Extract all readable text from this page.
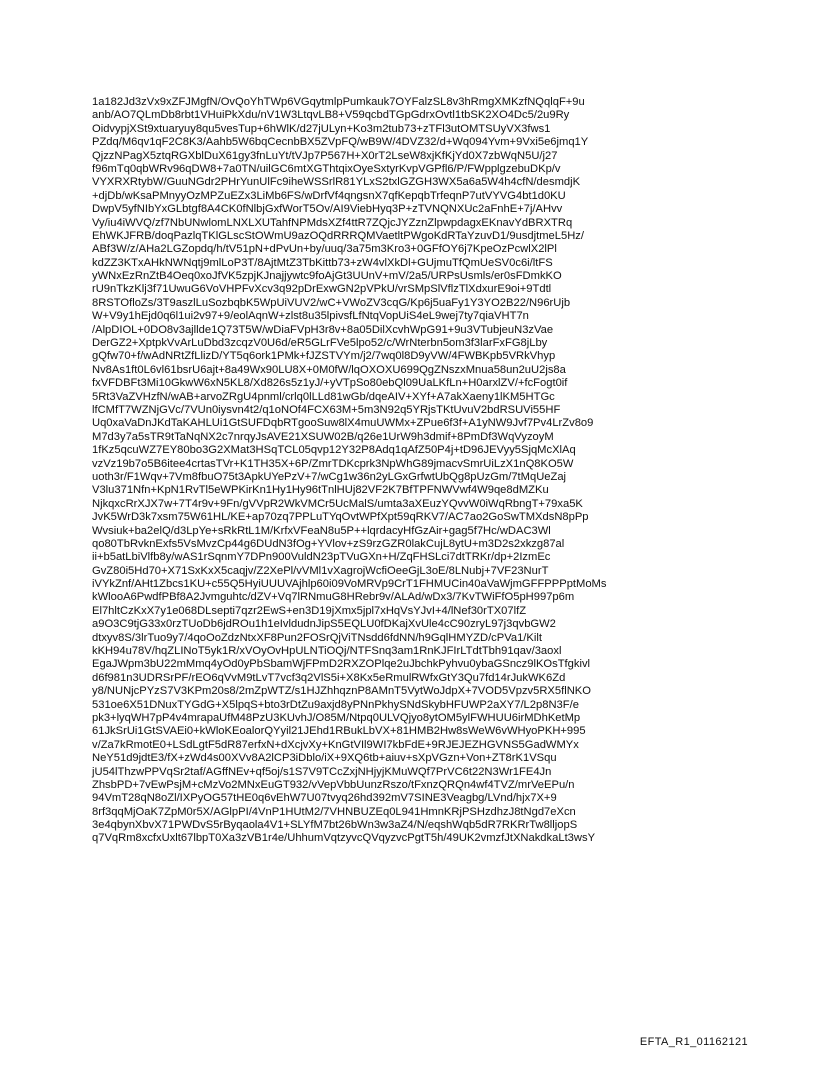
1a182Jd3zVx9xZFJMgfN/OvQoYhTWp6VGqytmlpPumkauk7OYFalzSL8v3hRmgXMKzfNQqlqF+9u
anb/AO7QLmDb8rbt1VHuiPkXdu/nV1W3LtqvLB8+V59qcbdTGpGdrxOvtl1tbSK2XO4Dc5/2u9Ry
OidvypjXSt9xtuaryuy8qu5vesTup+6hWlK/d27jULyn+Ko3m2tub73+zTFl3utOMTSUyVX3fws1
PZdq/M6qv1qF2C8K3/Aahb5W6bqCecnbBX5ZVpFQ/wB9W/4DVZ32/d+Wq094Yvm+9Vxi5e6jmq1Y
QjzzNPagX5ztqRGXblDuX61gy3fnLuYt/tVJp7P567H+X0rT2LseW8xjKfKjYd0X7zbWqN5U/j27
f96mTq0qbWRv96qDW8+7a0TN/uilGC6mtXGThtqixOyeSxtyrKvpVGPfl6/P/FWpplgzebuDKp/v
VYXRXRtybW/GuuNGdr2PHrYunUlFc9iheWSSrlR81YLxS2txlGZGH3WX5a6a5W4h4cfN/desmdjK
+djDb/wKsaPMnyyOzMPZuEZx3LiMb6FS/wDrfVf4qngsnX7qfKepqbTrfeqnP7utVYVG4bt1d0KU
DwpV5yfNIbYxGLbtgf8A4CK0fNlbjGxfWorT5Ov/AI9ViebHyq3P+zTVNQNXUc2aFnhE+7j/AHvv
Vy/iu4iWVQ/zf7NbUNwlomLNXLXUTahfNPMdsXZf4ttR7ZQjcJYZznZlpwpdagxEKnavYdBRXTRq
EhWKJFRB/doqPazlqTKlGLscStOWmU9azOQdRRRQMVaetltPWgoKdRTaYzuvD1/9usdjtmeL5Hz/
ABf3W/z/AHa2LGZopdq/h/tV51pN+dPvUn+by/uuq/3a75m3Kro3+0GFfOY6j7KpeOzPcwlX2lPl
kdZZ3KTxAHkNWNqtj9mlLoP3T/8AjtMtZ3TbKittb73+zW4vlXkDl+GUjmuTfQmUeSV0c6i/ltFS
yWNxEzRnZtB4Oeq0xoJfVK5zpjKJnajjywtc9foAjGt3UUnV+mV/2a5/URPsUsmls/er0sFDmkKO
rU9nTkzKlj3f71UwuG6VoVHPFvXcv3q92pDrExwGN2pVPkU/vrSMpSlVflzTlXdxurE9oi+9Tdtl
8RSTOfloZs/3T9aszlLuSozbqbK5WpUiVUV2/wC+VWoZV3cqG/Kp6j5uaFy1Y3YO2B22/N96rUjb
W+V9y1hEjd0q6l1ui2v97+9/eolAqnW+zlst8u35lpivsfLfNtqVopUiS4eL9wej7ty7qiaVHT7n
/AlpDIOL+0DO8v3ajllde1Q73T5W/wDiaFVpH3r8v+8a05DilXcvhWpG91+9u3VTubjeuN3zVae
DerGZ2+XptpkVvArLuDbd3zcqzV0U6d/eR5GLrFVe5lpo52/c/WrNterbn5om3f3larFxFG8jLby
gQfw70+f/wAdNRtZfLlizD/YT5q6ork1PMk+fJZSTVYm/j2/7wq0l8D9yVW/4FWBKpb5VRkVhyp
Nv8As1ft0L6vl61bsrU6ajt+8a49Wx90LU8X+0M0fW/lqOXOXU699QgZNszxMnua58un2uU2js8a
fxVFDBFt3Mi10GkwW6xN5KL8/Xd826s5z1yJ/+yVTpSo80ebQl09UaLKfLn+H0arxlZV/+fcFogt0if
5Rt3VaZVHzfN/wAB+arvoZRgU4pnml/crlq0lLLd81wGb/dqeAIV+XYf+A7akXaeny1lKM5HTGc
lfCMfT7WZNjGVc/7VUn0iysvn4t2/q1oNOf4FCX63M+5m3N92q5YRjsTKtUvuV2bdRSUVi55HF
Uq0xaVaDnJKdTaKAHLUi1GtSUFDqbRTgooSuw8lX4muUWMx+ZPue6f3f+A1yNW9Jvf7Pv4LrZv8o9
M7d3y7a5sTR9tTaNqNX2c7nrqyJsAVE21XSUW02B/q26e1UrW9h3dmif+8PmDf3WqVyzoyM
1fKz5qcuWZ7EY80bo3G2XMat3HSqTCL05qvp12Y32P8Adq1qAfZ50P4j+tD96JEVyy5SjqMcXlAq
vzVz19b7o5B6itee4crtasTVr+K1TH35X+6P/ZmrTDKcprk3NpWhG89jmacvSmrUiLzX1nQ8KO5W
uoth3r/F1Wqv+7Vm8fbuO75t3ApkUYePzV+7/wCg1w36n2yLGxGrfwtUbQg8pUzGm/7tMqUeZaj
V3lu371Nfn+KpN1RvTl5eWPKirKn1Hy1Hy96tTnlHUj82VF2K7BfTPFNWVwf4W9qe8dMZKu
NjkqxcRrXJX7w+7T4r9v+9Fn/gVVpR2WkVMCr5UcMalS/umta3aXEuzYQvvW0iWqRbngT+79xa5K
JvK5WrD3k7xsm75W61HL/KE+ap70zq7PPLuTYqOvtWPfXpt59qRKV7/AC7ao2GoSwTMXdsN8pPp
Wvsiuk+ba2elQ/d3LpYe+sRkRtL1M/KrfxVFeaN8u5P++lqrdacyHfGzAir+gag5f7Hc/wDAC3Wl
qo80TbRvknExfs5VsMvzCp44g6DUdN3fOg+YVlov+zS9rzGZR0lakCujL8ytU+m3D2s2xkzg87al
ii+b5atLbiVlfb8y/wAS1rSqnmY7DPn900VuldN23pTVuGXn+H/ZqFHSLci7dtTRKr/dp+2IzmEc
GvZ80i5Hd70+X71SxKxX5caqjv/Z2XePl/vVMl1vXagrojWcfiOeeGjL3oE/8LNubj+7VF23NurT
iVYkZnf/AHt1Zbcs1KU+c55Q5HyiUUUVAjhlp60i09VoMRVp9CrT1FHMUCin40aVaWjmGFFPPPptMoMs
kWlooA6PwdfPBf8A2Jvmguhtc/dZV+Vq7lRNmuG8HRebr9v/ALAd/wDx3/7KvTWiFfO5pH997p6m
El7hltCzKxX7y1e068DLsepti7qzr2EwS+en3D19jXmx5jpl7xHqVsYJvI+4/lNef30rTX07lfZ
a9O3C9tjG33x0rzTUoDb6jdROu1h1eIvldudnJipS5EQLU0fDKajXvUle4cC90zryL97j3qvbGW2
dtxyv8S/3lrTuo9y7/4qoOoZdzNtxXF8Pun2FOSrQjViTNsdd6fdNN/h9GqlHMYZD/cPVa1/Kilt
kKH94u78V/hqZLINoT5yk1R/xVOyOvHpULNTiOQj/NTFSnq3am1RnKJFIrLTdtTbh91qav/3aoxl
EgaJWpm3bU22mMmq4yOd0yPbSbamWjFPmD2RXZOPlqe2uJbchkPyhvu0ybaGSncz9lKOsTfgkivl
d6f981n3UDRSrPF/rEO6qVvM9tLvT7vcf3q2VlS5i+X8Kx5eRmulRWfxGtY3Qu7fd14rJukWK6Zd
y8/NUNjcPYzS7V3KPm20s8/2mZpWTZ/s1HJZhhqznP8AMnT5VytWoJdpX+7VOD5Vpzv5RX5flNKO
531oe6X51DNuxTYGdG+X5lpqS+bto3rDtZu9axjd8yPNnPkhySNdSkybHFUWP2aXY7/L2p8N3F/e
pk3+lyqWH7pP4v4mrapaUfM48PzU3KUvhJ/O85M/Ntpq0ULVQjyo8ytOM5ylFWHUU6irMDhKetMp
61JkSrUi1GtSVAEi0+kWloKEoalorQYyil21JEhd1RBukLbVX+81HMB2Hw8sWeW6vWHyoPKH+995
v/Za7kRmotE0+LSdLgtF5dR87erfxN+dXcjvXy+KnGtVIl9WI7kbFdE+9RJEJEZHGVNS5GadWMYx
NeY51d9jdtE3/fX+zWd4s00XVv8A2lCP3iDblo/iX+9XQ6tb+aiuv+sXpVGzn+Von+ZT8rK1VSqu
jU54lThzwPPVqSr2taf/AGffNEv+qf5oj/s1S7V9TCcZxjNHjyjKMuWQf7PrVC6t22N3Wr1FE4Jn
ZhsbPD+7vEwPsjM+cMzVo2MNxEuGT932/vVepVbbUunzRszo/tFxnzQRQn4wf4TVZ/mrVeEPu/n
94VmT28qN8oZl/IXPyOG57tHE0q6vEhW7U07tvyq26hd392mV7SINE3Veagbg/LVnd/hjx7X+9
8rf3qqMjOaK7ZpM0r5X/AGlpPI/4VnP1HUtM2/7VHNBUZEq0L941HmnKRjPSHzdhzJ8tNgd7eXcn
3e4qbynXbvX71PWDvS5rByqaola4V1+SLYfM7bt26bWn3w3aZ4/N/eqshWqb5dR7RKRrTw8lljopS
q7VqRm8xcfxUxlt67lbpT0Xa3zVB1r4e/UhhumVqtzyvcQVqyzvcPgtT5h/49UK2vmzfJtXNakdkaLt3wsY
EFTA_R1_01162121
